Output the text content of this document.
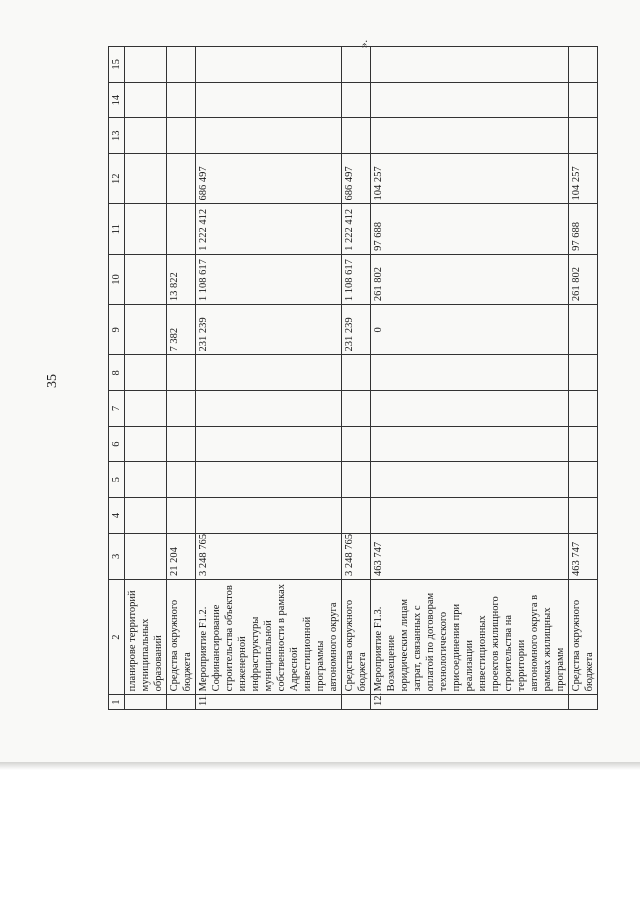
35
».
1	2	3	4	5	6	7	8	9	10	11	12	13	14	15
	планирове территорий муниципальных образований													
	Средства окружного бюджета	21 204						7 382	13 822					
11.	Мероприятие F1.2. Софинансирование строительства объектов инженерной инфраструктуры муниципальной собственности в рамках Адресной инвестиционной программы автономного округа	3 248 765						231 239	1 108 617	1 222 412	686 497			
	Средства окружного бюджета	3 248 765						231 239	1 108 617	1 222 412	686 497			
12.	Мероприятие F1.3. Возмещение юридическим лицам затрат, связанных с оплатой по договорам технологического присоединения при реализации инвестиционных проектов жилищного строительства на территории автономного округа в рамках жилищных программ	463 747						0	261 802	97 688	104 257			
	Средства окружного бюджета	463 747							261 802	97 688	104 257			
